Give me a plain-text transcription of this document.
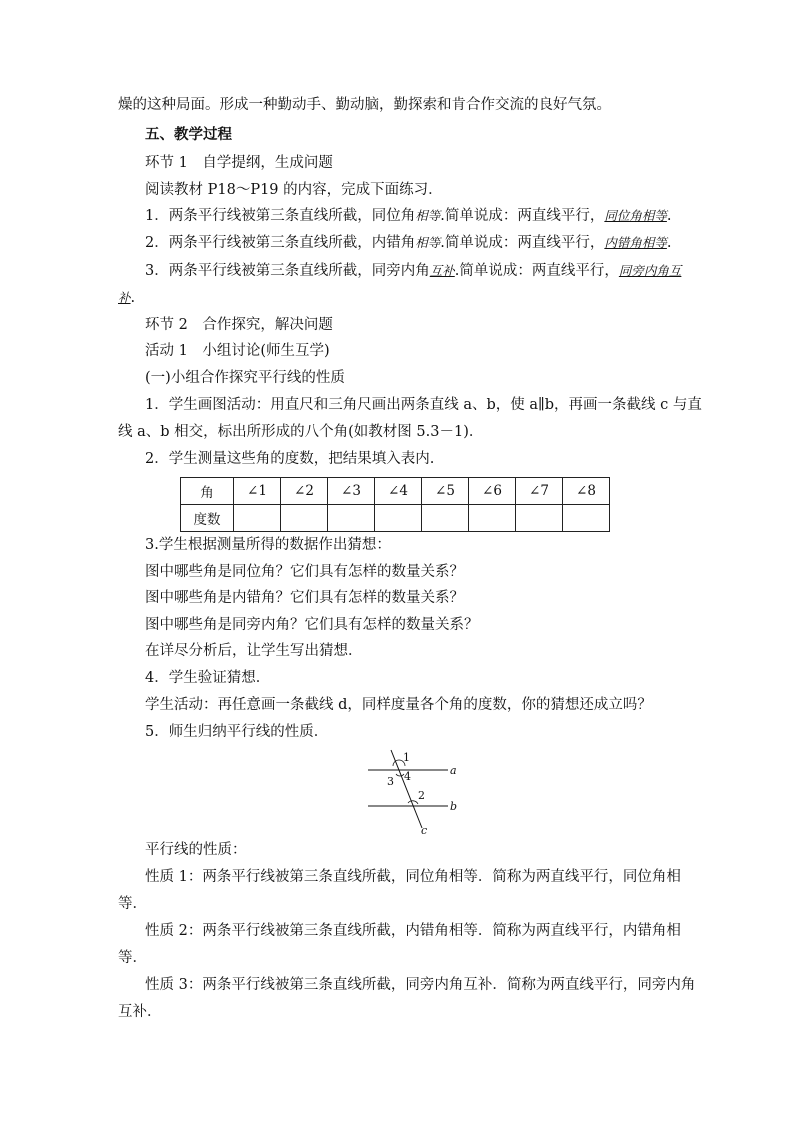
燥的这种局面。形成一种勤动手、勤动脑，勤探索和肯合作交流的良好气氛。
五、教学过程
环节 1　自学提纲，生成问题
阅读教材 P18～P19 的内容，完成下面练习．
1．两条平行线被第三条直线所截，同位角相等.简单说成：两直线平行，同位角相等.
2．两条平行线被第三条直线所截，内错角相等.简单说成：两直线平行，内错角相等.
3．两条平行线被第三条直线所截，同旁内角互补.简单说成：两直线平行，同旁内角互
补.
环节 2　合作探究，解决问题
活动 1　小组讨论(师生互学)
(一)小组合作探究平行线的性质
1．学生画图活动：用直尺和三角尺画出两条直线 a、b，使 a∥b，再画一条截线 c 与直
线 a、b 相交，标出所形成的八个角(如教材图 5.3－1)．
2．学生测量这些角的度数，把结果填入表内.
角	∠1	∠2	∠3	∠4	∠5	∠6	∠7	∠8
度数								
3.学生根据测量所得的数据作出猜想：
图中哪些角是同位角？它们具有怎样的数量关系？
图中哪些角是内错角？它们具有怎样的数量关系？
图中哪些角是同旁内角？它们具有怎样的数量关系？
在详尽分析后，让学生写出猜想．
4．学生验证猜想．
学生活动：再任意画一条截线 d，同样度量各个角的度数，你的猜想还成立吗？
5．师生归纳平行线的性质．
a
b
c
1
2
3 4
平行线的性质：
性质 1：两条平行线被第三条直线所截，同位角相等．简称为两直线平行，同位角相
等．
性质 2：两条平行线被第三条直线所截，内错角相等．简称为两直线平行，内错角相
等．
性质 3：两条平行线被第三条直线所截，同旁内角互补．简称为两直线平行，同旁内角
互补．
